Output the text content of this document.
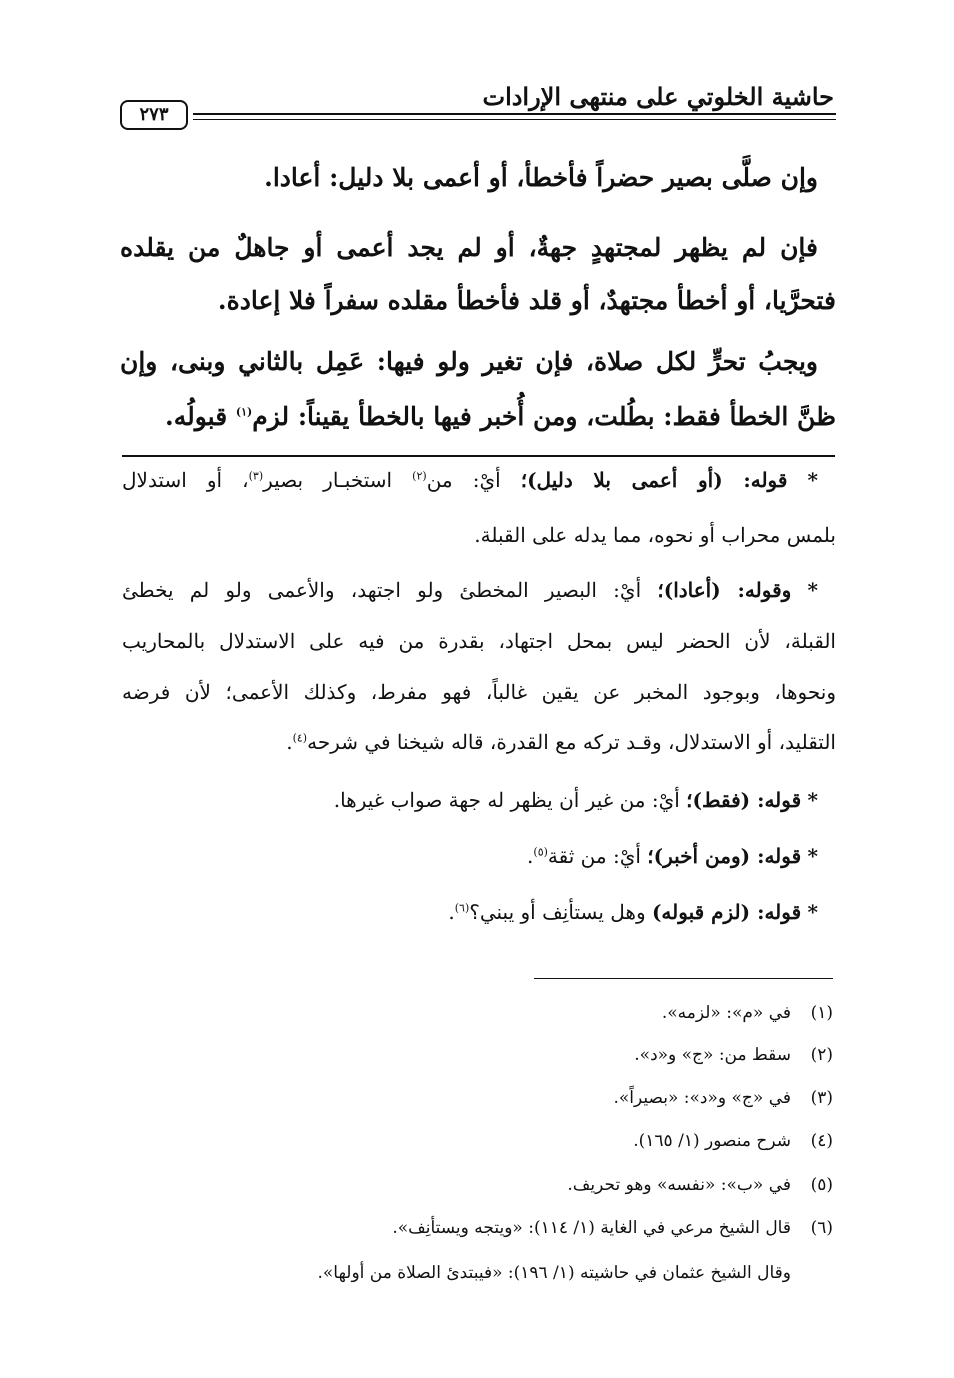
حاشية الخلوتي على منتهى الإرادات
٢٧٣
وإن صلَّى بصير حضراً فأخطأ، أو أعمى بلا دليل: أعادا.
فإن لم يظهر لمجتهدٍ جهةٌ، أو لم يجد أعمى أو جاهلٌ من يقلده
فتحرَّيا، أو أخطأ مجتهدٌ، أو قلد فأخطأ مقلده سفراً فلا إعادة.
ويجبُ تحرٍّ لكل صلاة، فإن تغير ولو فيها: عَمِل بالثاني وبنى، وإن
ظنَّ الخطأ فقط: بطُلت، ومن أُخبر فيها بالخطأ يقيناً: لزم$^{(١)}$ قبولُه.
* قوله: (أو أعمى بلا دليل)؛ أيْ: من$^{(٢)}$ استخبـار بصير$^{(٣)}$، أو استدلال
بلمس محراب أو نحوه، مما يدله على القبلة.
* وقوله: (أعادا)؛ أيْ: البصير المخطئ ولو اجتهد، والأعمى ولو لم يخطئ
القبلة، لأن الحضر ليس بمحل اجتهاد، بقدرة من فيه على الاستدلال بالمحاريب
ونحوها، وبوجود المخبر عن يقين غالباً، فهو مفرط، وكذلك الأعمى؛ لأن فرضه
التقليد، أو الاستدلال، وقـد تركه مع القدرة، قاله شيخنا في شرحه$^{(٤)}$.
* قوله: (فقط)؛ أيْ: من غير أن يظهر له جهة صواب غيرها.
* قوله: (ومن أخبر)؛ أيْ: من ثقة$^{(٥)}$.
* قوله: (لزم قبوله) وهل يستأنِف أو يبني؟$^{(٦)}$.
(١)في «م»: «لزمه».
(٢)سقط من: «ج» و«د».
(٣)في «ج» و«د»: «بصيراً».
(٤)شرح منصور (١/ ١٦٥).
(٥)في «ب»: «نفسه» وهو تحريف.
(٦)قال الشيخ مرعي في الغاية (١/ ١١٤): «ويتجه ويستأنِف».
وقال الشيخ عثمان في حاشيته (١/ ١٩٦): «فيبتدئ الصلاة من أولها».
